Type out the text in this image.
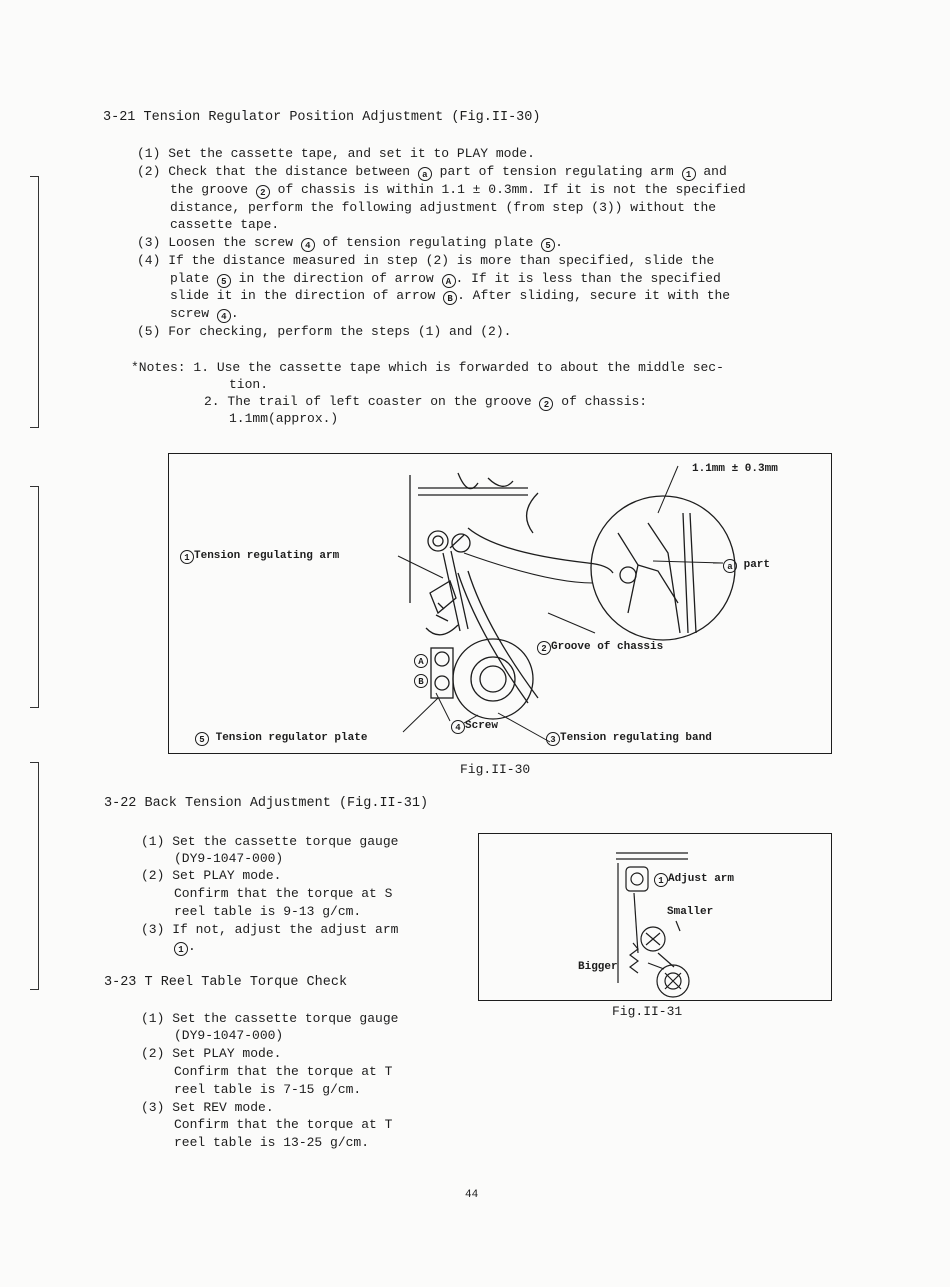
3-21 Tension Regulator Position Adjustment (Fig.II-30)
(1) Set the cassette tape, and set it to PLAY mode.
(2) Check that the distance between a part of tension regulating arm 1 and
the groove 2 of chassis is within 1.1 ± 0.3mm. If it is not the specified
distance, perform the following adjustment (from step (3)) without the
cassette tape.
(3) Loosen the screw 4 of tension regulating plate 5 .
(4) If the distance measured in step (2) is more than specified, slide the
plate 5 in the direction of arrow A . If it is less than the specified
slide it in the direction of arrow B . After sliding, secure it with the
screw 4 .
(5) For checking, perform the steps (1) and (2).
*Notes: 1. Use the cassette tape which is forwarded to about the middle sec-
tion.
2. The trail of left coaster on the groove 2 of chassis:
1.1mm(approx.)
1.1mm ± 0.3mm
1 Tension regulating arm
a part
2 Groove of chassis
4 Screw
5 Tension regulator plate	3 Tension regulating band
A
B
Fig.II-30
3-22 Back Tension Adjustment (Fig.II-31)
(1) Set the cassette torque gauge
(DY9-1047-000)
(2) Set PLAY mode.
Confirm that the torque at S
reel table is 9-13 g/cm.
(3) If not, adjust the adjust arm
1 .
1 Adjust arm
Smaller
Bigger
Fig.II-31
3-23 T Reel Table Torque Check
(1) Set the cassette torque gauge
(DY9-1047-000)
(2) Set PLAY mode.
Confirm that the torque at T
reel table is 7-15 g/cm.
(3) Set REV mode.
Confirm that the torque at T
reel table is 13-25 g/cm.
44
